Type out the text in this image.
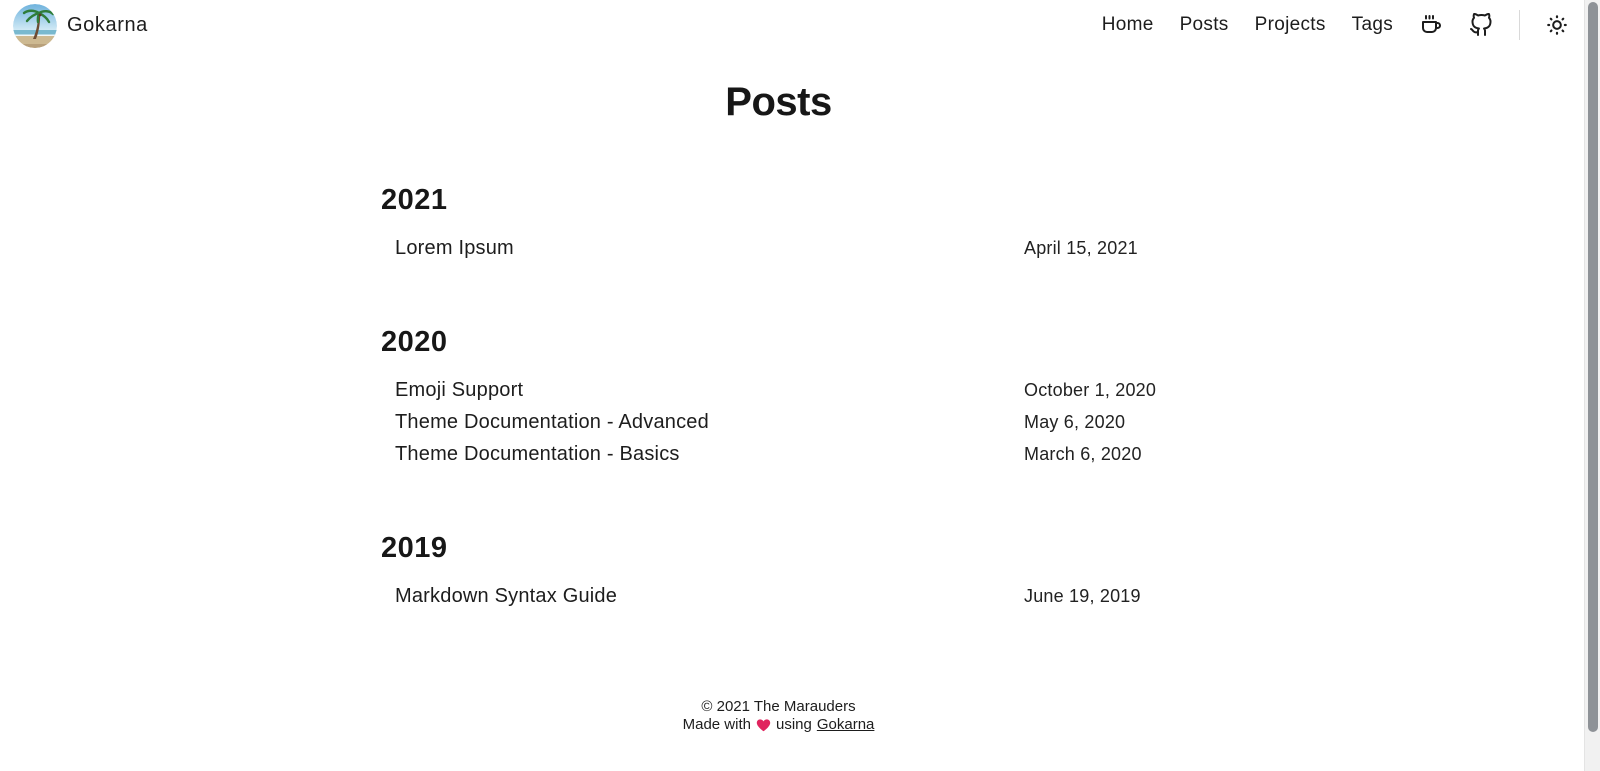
Gokarna	Home Posts Projects Tags
Posts
2021
Lorem Ipsum	April 15, 2021
2020
Emoji Support	October 1, 2020
Theme Documentation - Advanced	May 6, 2020
Theme Documentation - Basics	March 6, 2020
2019
Markdown Syntax Guide	June 19, 2019
© 2021 The Marauders
Made with using Gokarna
